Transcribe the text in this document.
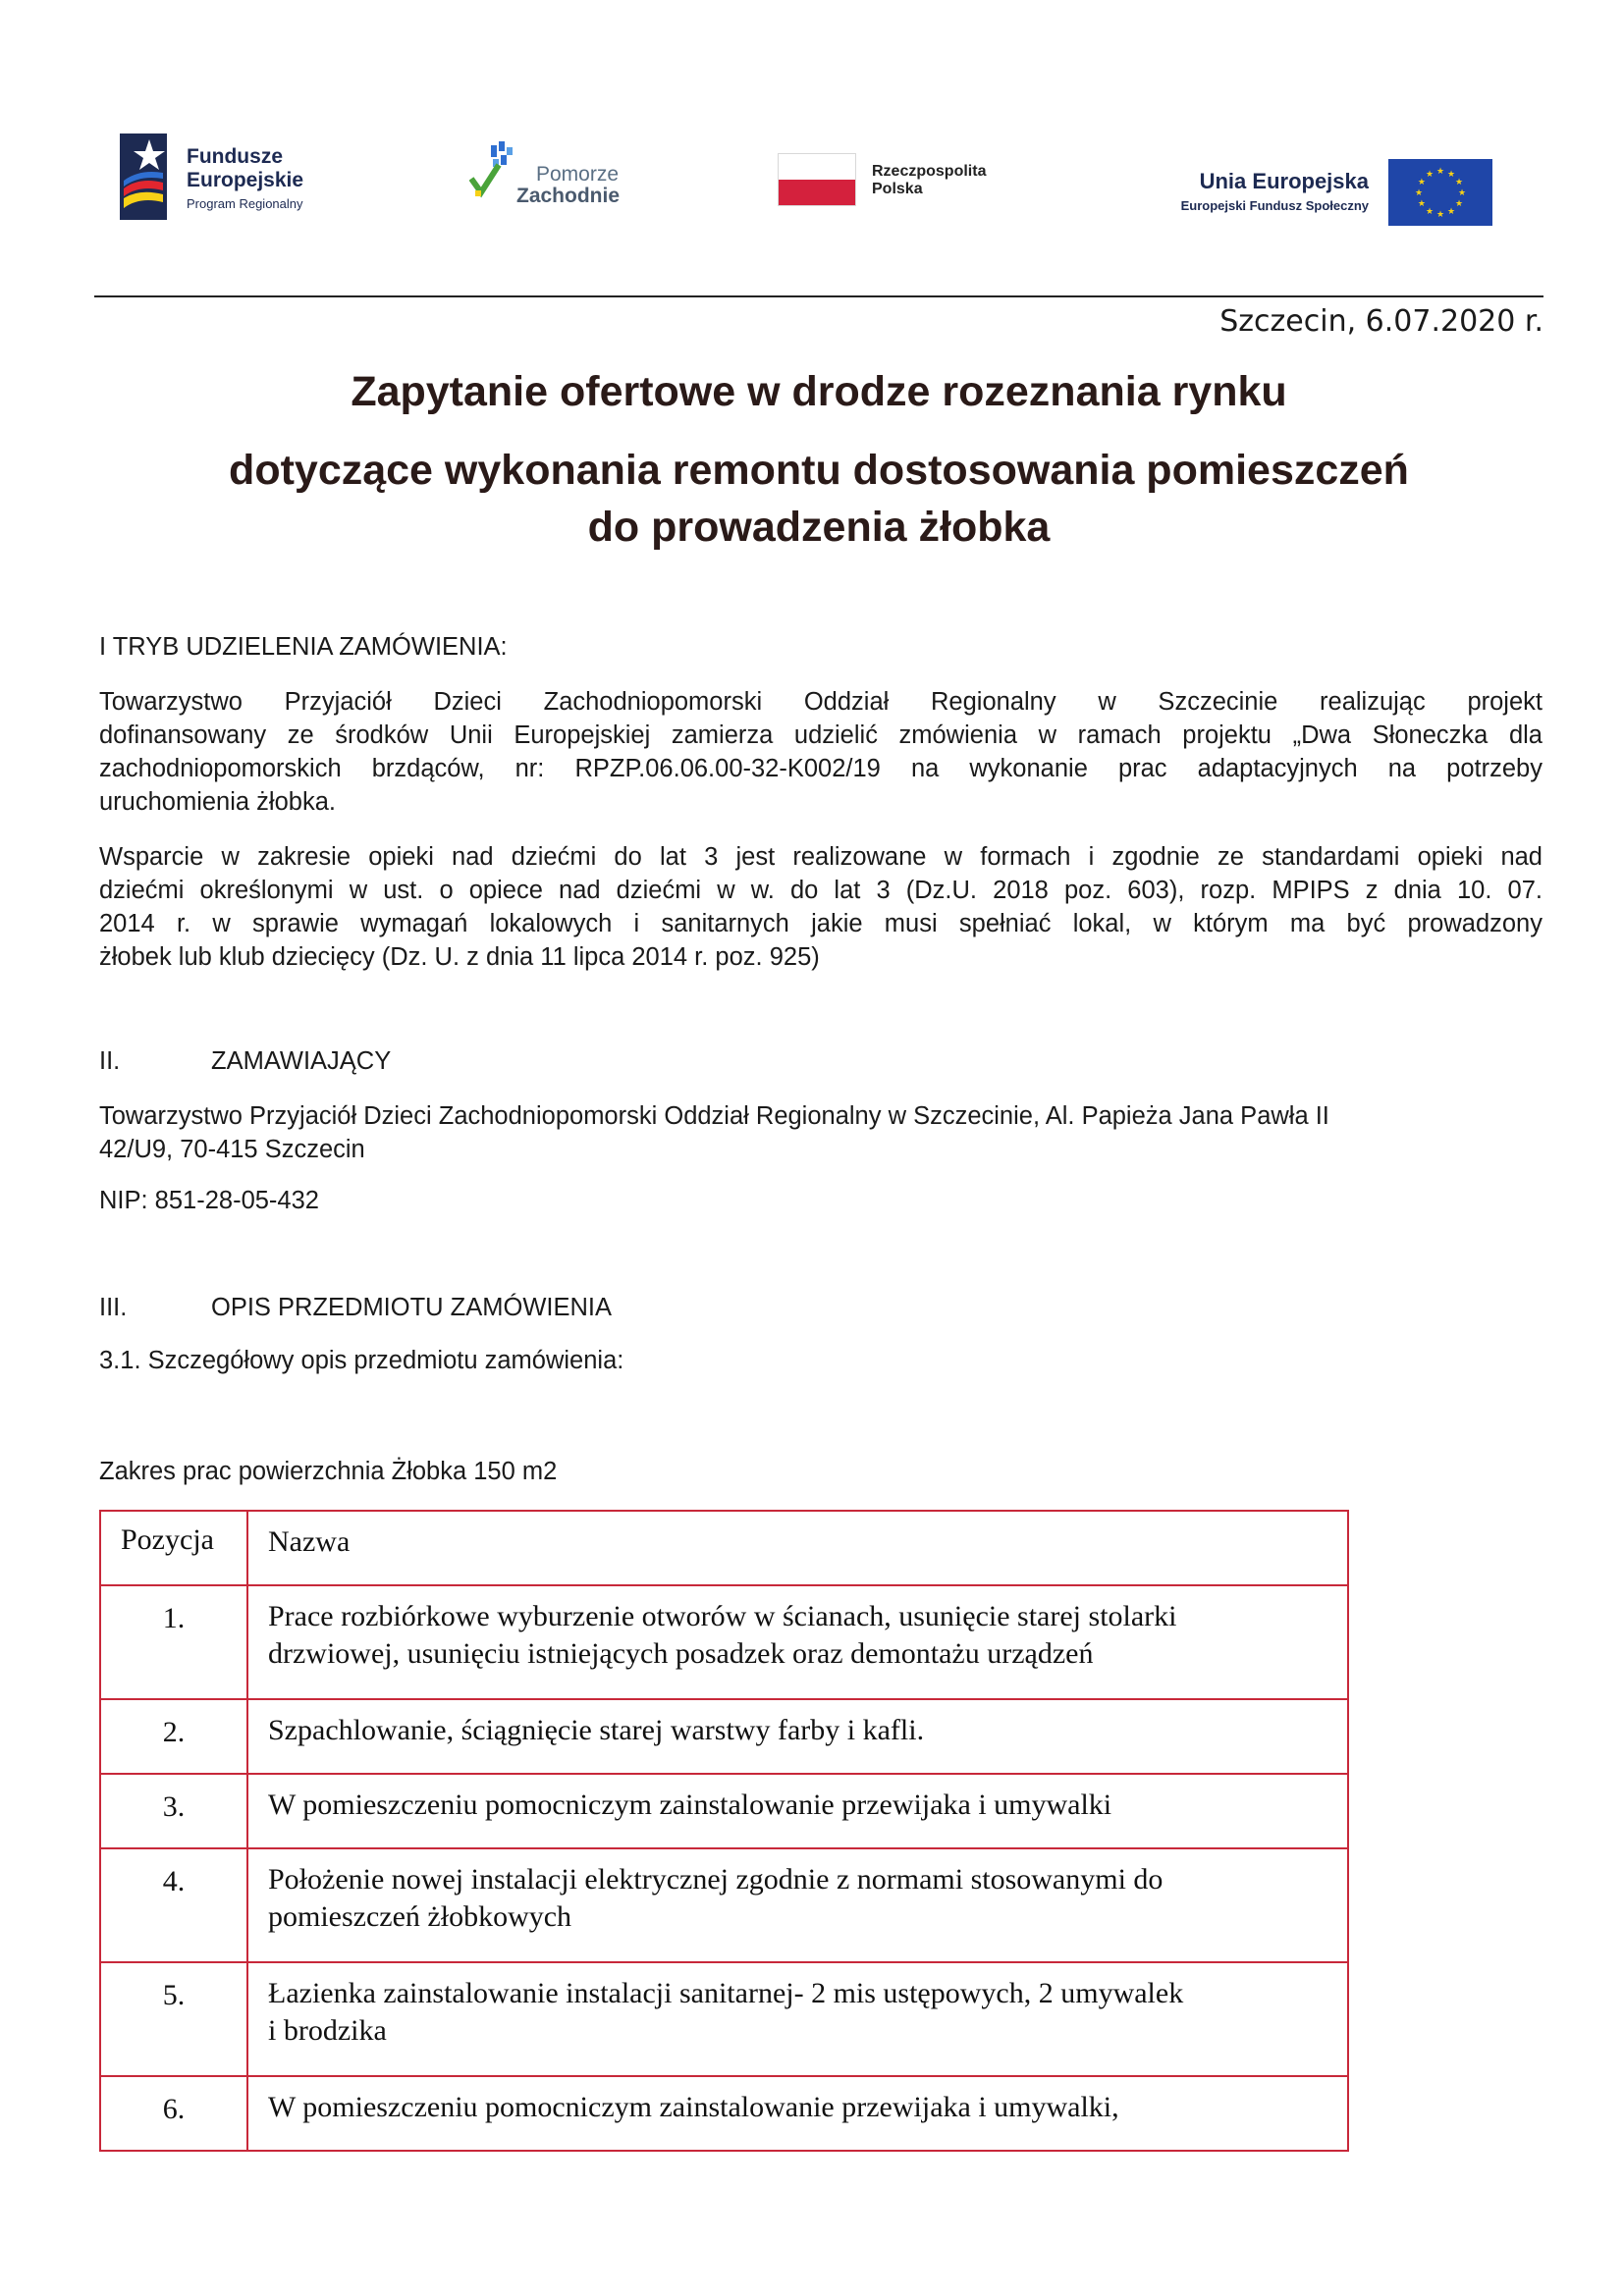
Fundusze
Europejskie
Program Regionalny
Pomorze
Zachodnie
Rzeczpospolita
Polska	Unia Europejska
Europejski Fundusz Społeczny
★ ★
★
★
★
★
★
★
★
★
★
★
Szczecin, 6.07.2020 r.
Zapytanie ofertowe w drodze rozeznania rynku
dotyczące wykonania remontu dostosowania pomieszczeń
do prowadzenia żłobka
I TRYB UDZIELENIA ZAMÓWIENIA:
Towarzystwo Przyjaciół Dzieci Zachodniopomorski Oddział Regionalny w Szczecinie realizując projekt
dofinansowany ze środków Unii Europejskiej zamierza udzielić zmówienia w ramach projektu „Dwa Słoneczka dla
zachodniopomorskich brzdąców, nr: RPZP.06.06.00-32-K002/19 na wykonanie prac adaptacyjnych na potrzeby
uruchomienia żłobka.
Wsparcie w zakresie opieki nad dziećmi do lat 3 jest realizowane w formach i zgodnie ze standardami opieki nad
dziećmi określonymi w ust. o opiece nad dziećmi w w. do lat 3 (Dz.U. 2018 poz. 603), rozp. MPIPS z dnia 10. 07.
2014 r. w sprawie wymagań lokalowych i sanitarnych jakie musi spełniać lokal, w którym ma być prowadzony
żłobek lub klub dziecięcy (Dz. U. z dnia 11 lipca 2014 r. poz. 925)
II.	ZAMAWIAJĄCY
Towarzystwo Przyjaciół Dzieci Zachodniopomorski Oddział Regionalny w Szczecinie, Al. Papieża Jana Pawła II
42/U9, 70-415 Szczecin
NIP: 851-28-05-432
III.	OPIS PRZEDMIOTU ZAMÓWIENIA
3.1. Szczegółowy opis przedmiotu zamówienia:
Zakres prac powierzchnia Żłobka 150 m2
Pozycja	Nazwa

1.	Prace rozbiórkowe wyburzenie otworów w ścianach, usunięcie starej stolarki
drzwiowej, usunięciu istniejących posadzek oraz demontażu urządzeń

2.	Szpachlowanie, ściągnięcie starej warstwy farby i kafli.

3.	W pomieszczeniu pomocniczym zainstalowanie przewijaka i umywalki

4.	Położenie nowej instalacji elektrycznej zgodnie z normami stosowanymi do
pomieszczeń żłobkowych

5.	Łazienka zainstalowanie instalacji sanitarnej- 2 mis ustępowych, 2 umywalek
i brodzika

6.	W pomieszczeniu pomocniczym zainstalowanie przewijaka i umywalki,
